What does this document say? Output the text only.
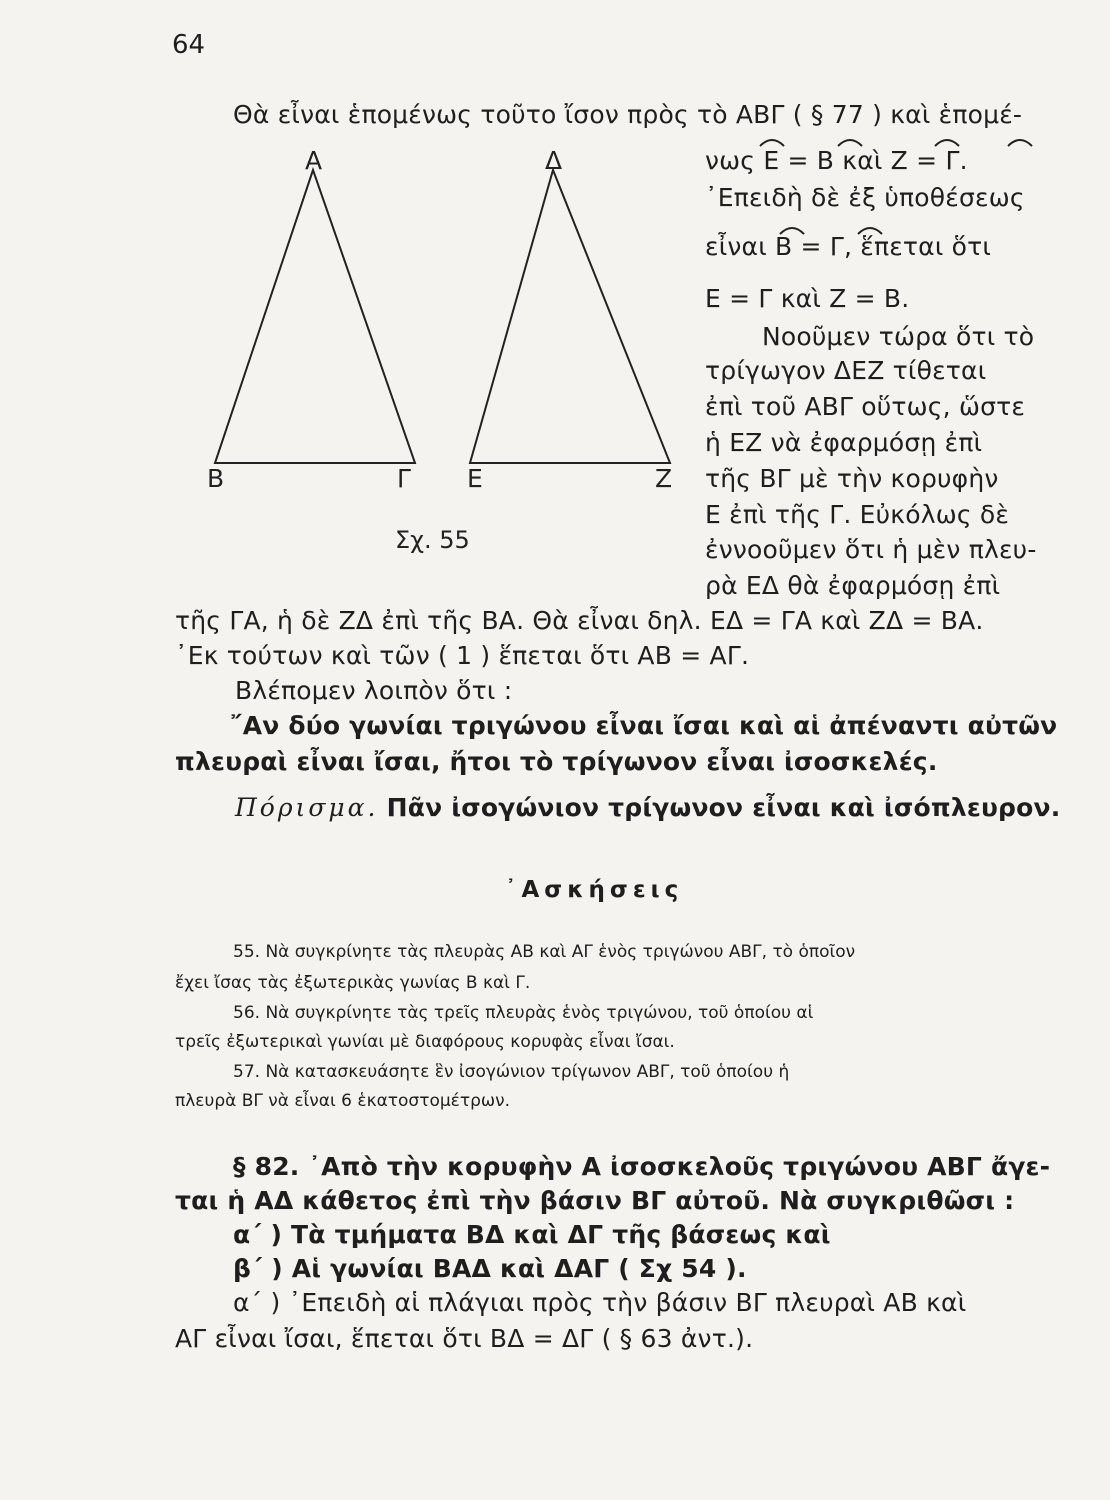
64
Α
Β	Γ
Δ
Ε	Ζ
Σχ. 55
Θὰ εἶναι ἑπομένως τοῦτο ἴσον πρὸς τὸ ΑΒΓ ( § 77 ) καὶ ἑπομέ-
νως Ε = Β καὶ Ζ = Γ.
᾿Επειδὴ δὲ ἐξ ὑποθέσεως
εἶναι Β = Γ, ἕπεται ὅτι
Ε = Γ καὶ Ζ = Β.
Νοοῦμεν τώρα ὅτι τὸ
τρίγωγον ΔΕΖ τίθεται
ἐπὶ τοῦ ΑΒΓ οὕτως, ὥστε
ἡ ΕΖ νὰ ἐφαρμόσῃ ἐπὶ
τῆς ΒΓ μὲ τὴν κορυφὴν
Ε ἐπὶ τῆς Γ. Εὐκόλως δὲ
ἐννοοῦμεν ὅτι ἡ μὲν πλευ-
ρὰ ΕΔ θὰ ἐφαρμόσῃ ἐπὶ
τῆς ΓΑ, ἡ δὲ ΖΔ ἐπὶ τῆς ΒΑ. Θὰ εἶναι δηλ. ΕΔ = ΓΑ καὶ ΖΔ = ΒΑ.
᾿Εκ τούτων καὶ τῶν ( 1 ) ἕπεται ὅτι ΑΒ = ΑΓ.
Βλέπομεν λοιπὸν ὅτι :
῎Αν δύο γωνίαι τριγώνου εἶναι ἴσαι καὶ αἱ ἀπέναντι αὐτῶν
πλευραὶ εἶναι ἴσαι, ἤτοι τὸ τρίγωνον εἶναι ἰσοσκελές.
Πόρισμα. Πᾶν ἰσογώνιον τρίγωνον εἶναι καὶ ἰσόπλευρον.
᾿Ασκήσεις
55. Νὰ συγκρίνητε τὰς πλευρὰς ΑΒ καὶ ΑΓ ἑνὸς τριγώνου ΑΒΓ, τὸ ὁποῖον
ἔχει ἴσας τὰς ἐξωτερικὰς γωνίας Β καὶ Γ.
56. Νὰ συγκρίνητε τὰς τρεῖς πλευρὰς ἑνὸς τριγώνου, τοῦ ὁποίου αἱ
τρεῖς ἐξωτερικαὶ γωνίαι μὲ διαφόρους κορυφὰς εἶναι ἴσαι.
57. Νὰ κατασκευάσητε ἓν ἰσογώνιον τρίγωνον ΑΒΓ, τοῦ ὁποίου ἡ
πλευρὰ ΒΓ νὰ εἶναι 6 ἑκατοστομέτρων.
§ 82. ᾿Απὸ τὴν κορυφὴν Α ἰσοσκελοῦς τριγώνου ΑΒΓ ἄγε-
ται ἡ ΑΔ κάθετος ἐπὶ τὴν βάσιν ΒΓ αὐτοῦ. Νὰ συγκριθῶσι :
α΄ ) Τὰ τμήματα ΒΔ καὶ ΔΓ τῆς βάσεως καὶ
β΄ ) Αἱ γωνίαι ΒΑΔ καὶ ΔΑΓ ( Σχ 54 ).
α΄ ) ᾿Επειδὴ αἱ πλάγιαι πρὸς τὴν βάσιν ΒΓ πλευραὶ ΑΒ καὶ
ΑΓ εἶναι ἴσαι, ἕπεται ὅτι ΒΔ = ΔΓ ( § 63 ἀντ.).
